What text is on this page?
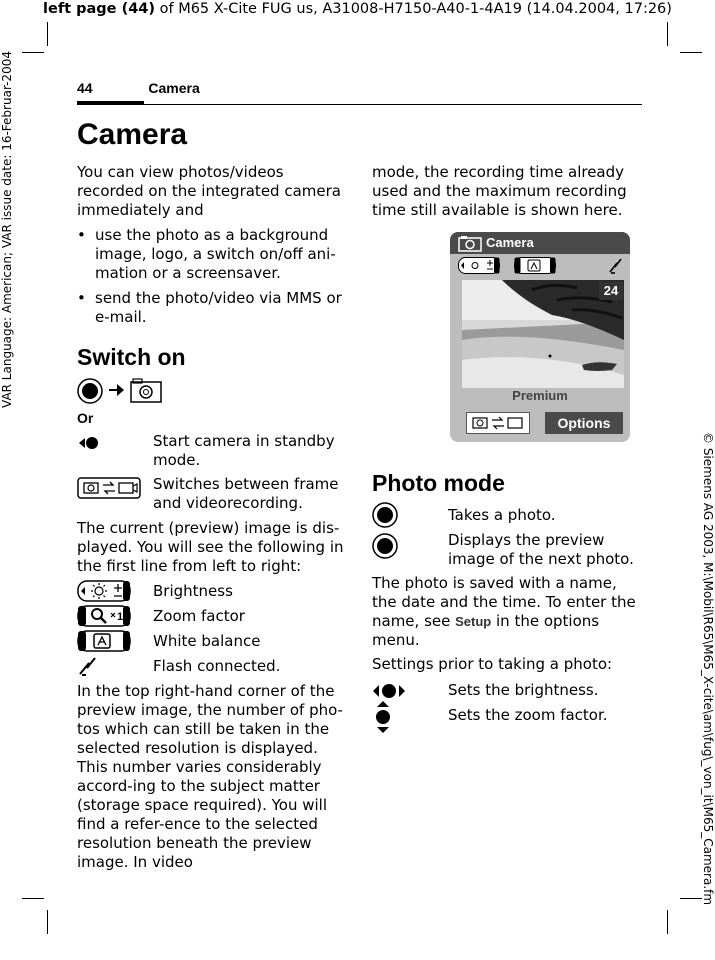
left page (44) of M65 X-Cite FUG us, A31008-H7150-A40-1-4A19 (14.04.2004, 17:26)
VAR Language: American; VAR issue date: 16-Februar-2004
© Siemens AG 2003, M:\Mobil\R65\M65_X-cite\am\fug\_von_it\M65_Camera.fm
44	Camera
Camera

You can view photos/videos recorded on the integrated camera immediately and

• use the photo as a background image, logo, a switch on/off ani-mation or a screensaver.

• send the photo/video via MMS or e-mail.

Switch on
Or
Start camera in standby mode.
Switches between frame and videorecording.
The current (preview) image is dis-played. You will see the following in the first line from left to right:
Brightness
1 Zoom factor
White balance
Flash connected.
In the top right-hand corner of the preview image, the number of pho-tos which can still be taken in the selected resolution is displayed. This number varies considerably accord-ing to the subject matter (storage space required). You will find a refer-ence to the selected resolution beneath the preview image. In video
mode, the recording time already used and the maximum recording time still available is shown here.
Camera
24
Premium
Options
Photo mode
Takes a photo.
Displays the preview image of the next photo.
The photo is saved with a name, the date and the time. To enter the name, see Setup in the options menu.
Settings prior to taking a photo:
Sets the brightness.
Sets the zoom factor.
